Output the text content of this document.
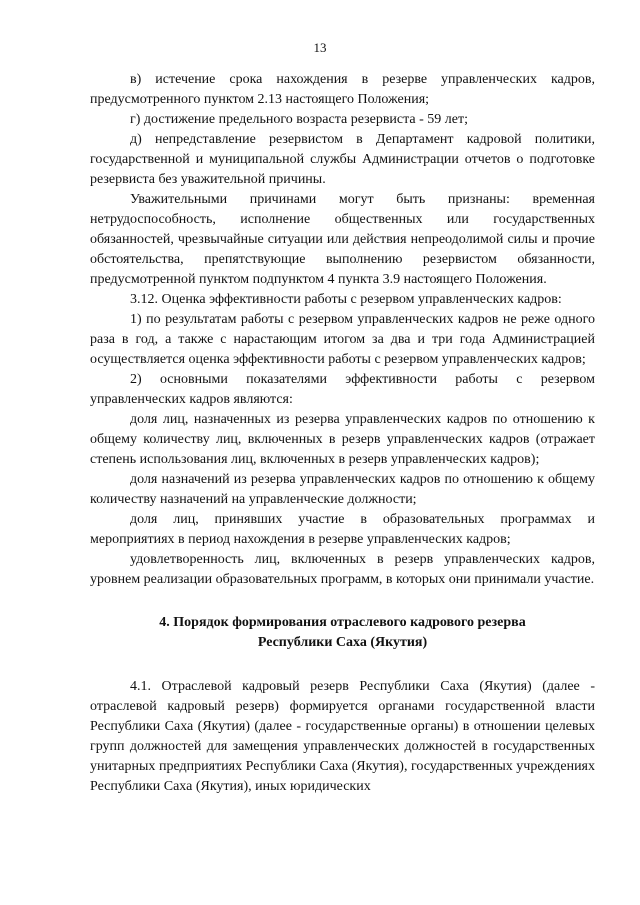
13

в) истечение срока нахождения в резерве управленческих кадров, предусмотренного пунктом 2.13 настоящего Положения;

г) достижение предельного возраста резервиста - 59 лет;

д) непредставление резервистом в Департамент кадровой политики, государственной и муниципальной службы Администрации отчетов о подготовке резервиста без уважительной причины.

Уважительными причинами могут быть признаны: временная нетрудоспособность, исполнение общественных или государственных обязанностей, чрезвычайные ситуации или действия непреодолимой силы и прочие обстоятельства, препятствующие выполнению резервистом обязанности, предусмотренной пунктом подпунктом 4 пункта 3.9 настоящего Положения.

3.12. Оценка эффективности работы с резервом управленческих кадров:

1) по результатам работы с резервом управленческих кадров не реже одного раза в год, а также с нарастающим итогом за два и три года Администрацией осуществляется оценка эффективности работы с резервом управленческих кадров;

2) основными показателями эффективности работы с резервом управленческих кадров являются:

доля лиц, назначенных из резерва управленческих кадров по отношению к общему количеству лиц, включенных в резерв управленческих кадров (отражает степень использования лиц, включенных в резерв управленческих кадров);

доля назначений из резерва управленческих кадров по отношению к общему количеству назначений на управленческие должности;

доля лиц, принявших участие в образовательных программах и мероприятиях в период нахождения в резерве управленческих кадров;

удовлетворенность лиц, включенных в резерв управленческих кадров, уровнем реализации образовательных программ, в которых они принимали участие.

4. Порядок формирования отраслевого кадрового резерва
Республики Саха (Якутия)

4.1. Отраслевой кадровый резерв Республики Саха (Якутия) (далее - отраслевой кадровый резерв) формируется органами государственной власти Республики Саха (Якутия) (далее - государственные органы) в отношении целевых групп должностей для замещения управленческих должностей в государственных унитарных предприятиях Республики Саха (Якутия), государственных учреждениях Республики Саха (Якутия), иных юридических
